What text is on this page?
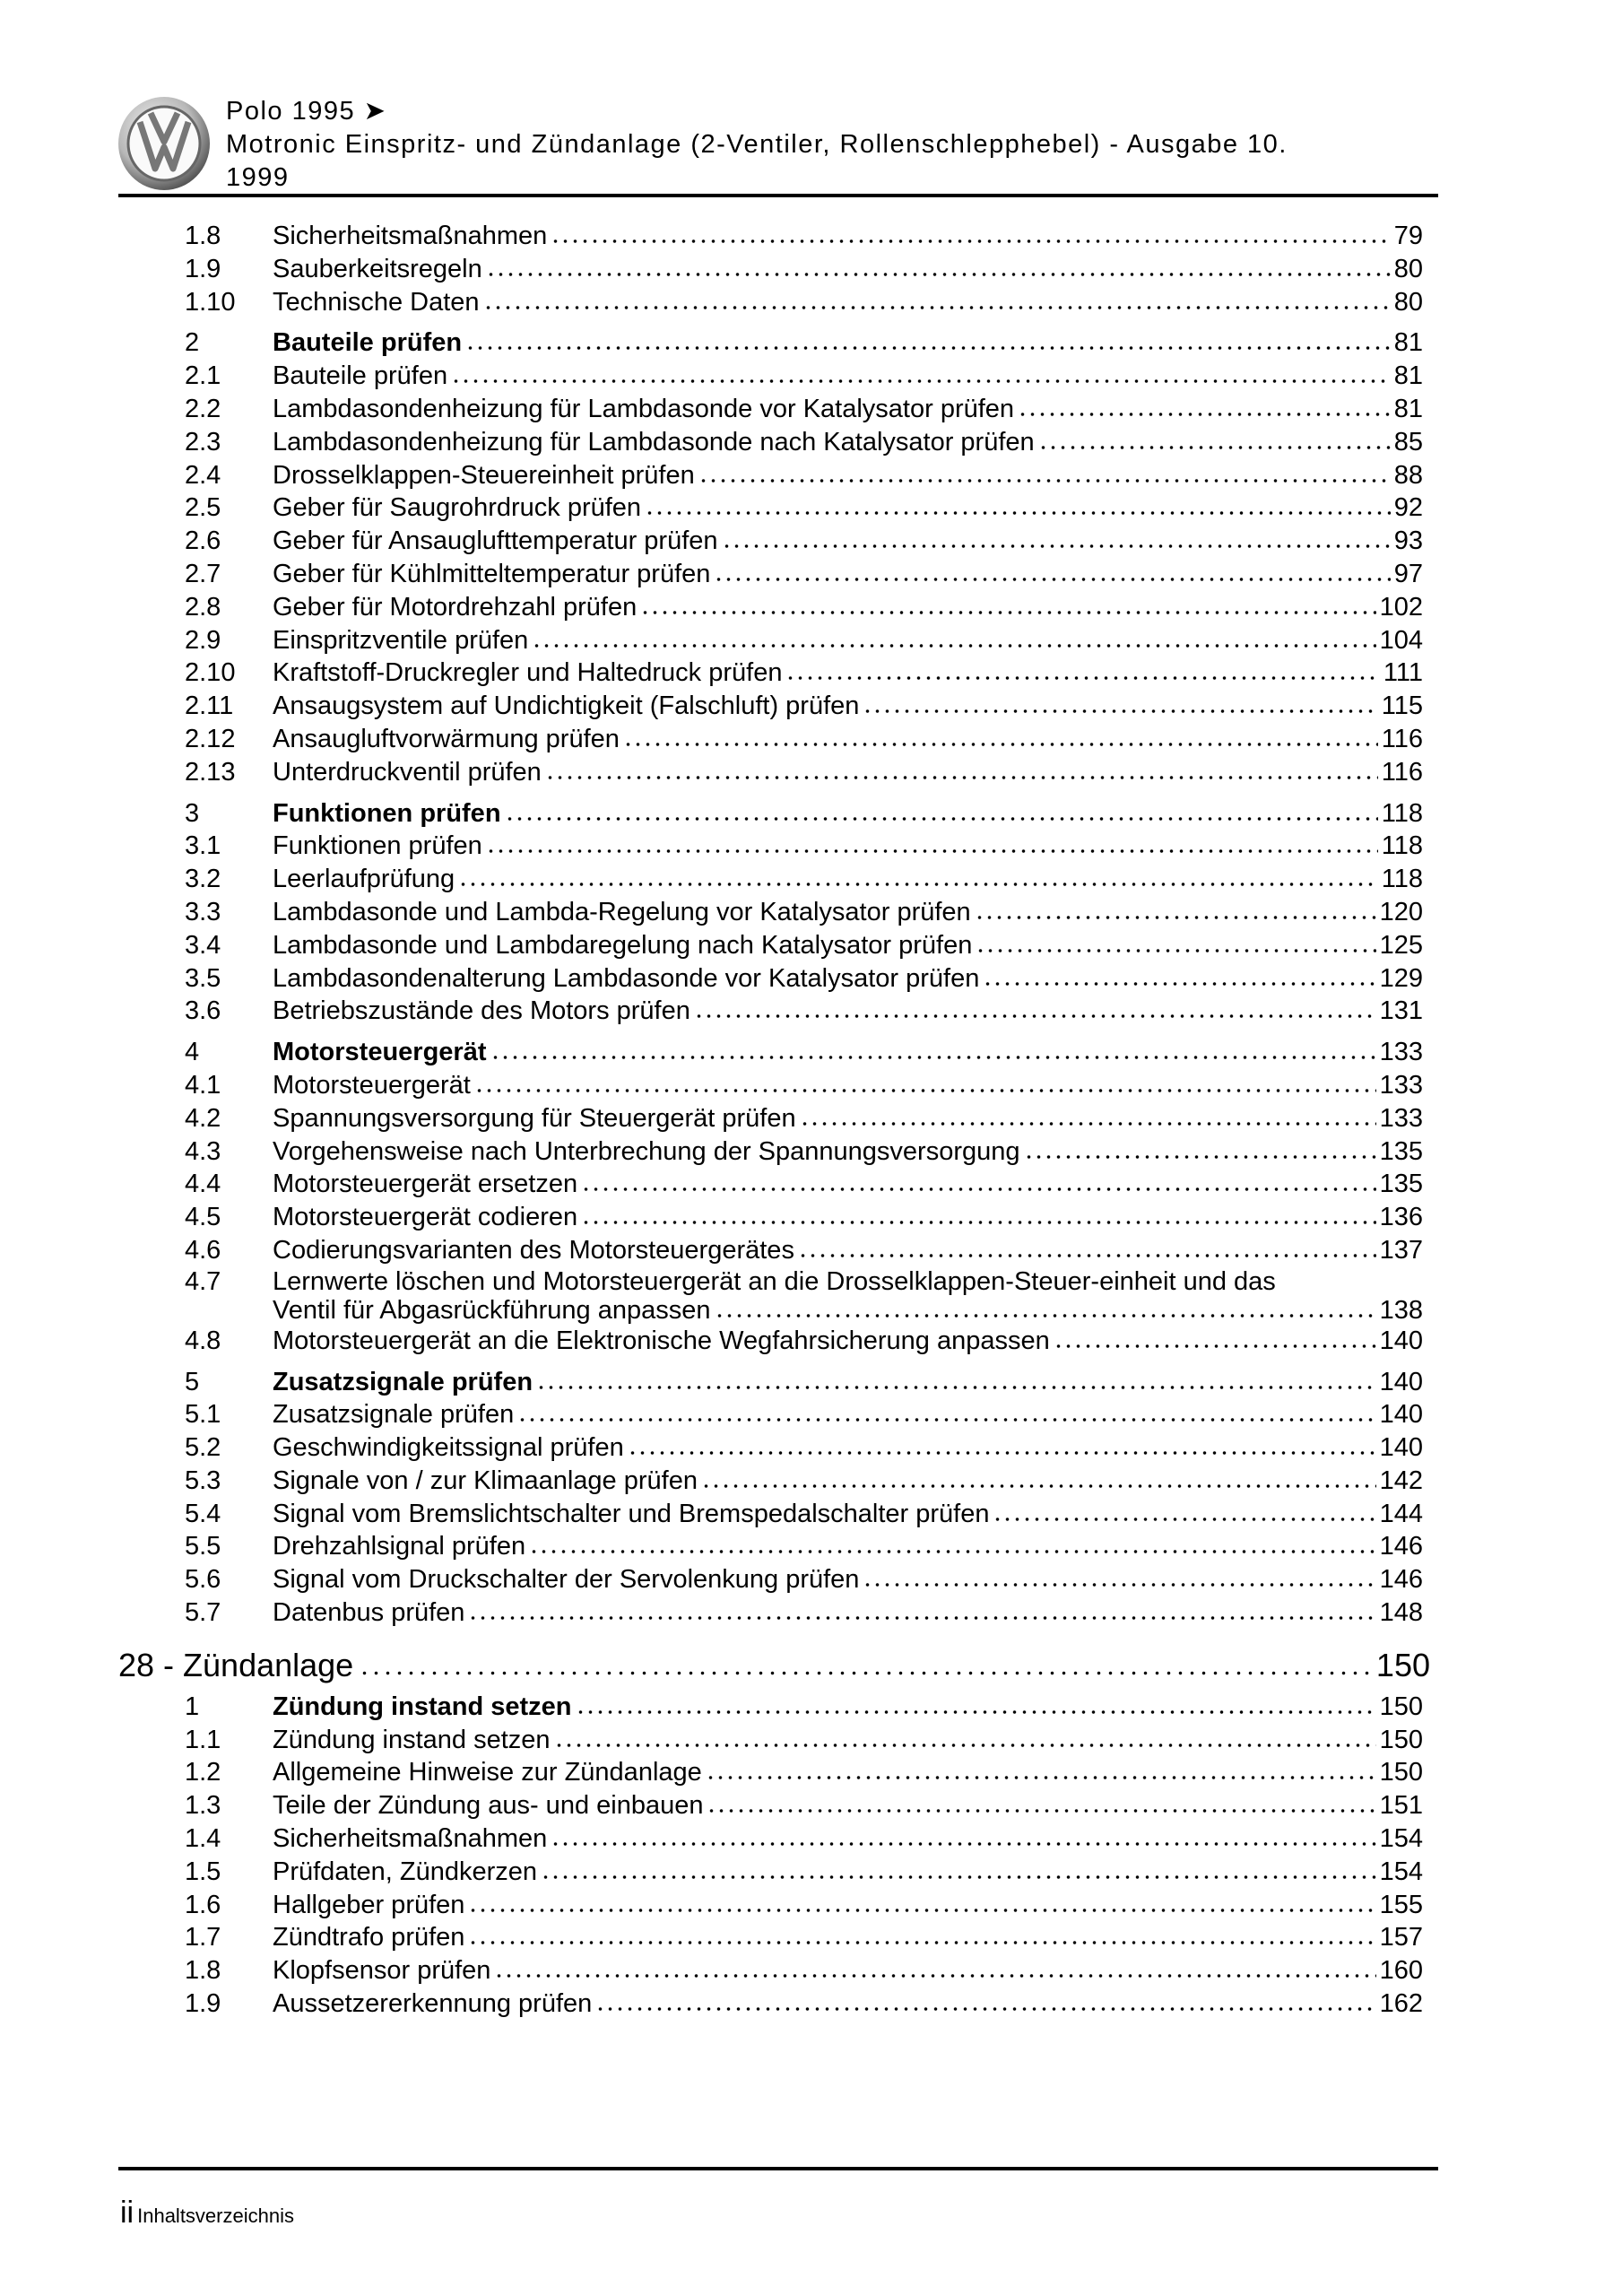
Polo 1995 ➤
Motronic Einspritz- und Zündanlage (2-Ventiler, Rollenschlepphebel) - Ausgabe 10.
1999
1.8	Sicherheitsmaßnahmen	79
1.9	Sauberkeitsregeln	80
1.10	Technische Daten	80
2	Bauteile prüfen	81
2.1	Bauteile prüfen	81
2.2	Lambdasondenheizung für Lambdasonde vor Katalysator prüfen	81
2.3	Lambdasondenheizung für Lambdasonde nach Katalysator prüfen	85
2.4	Drosselklappen-Steuereinheit prüfen	88
2.5	Geber für Saugrohrdruck prüfen	92
2.6	Geber für Ansauglufttemperatur prüfen	93
2.7	Geber für Kühlmitteltemperatur prüfen	97
2.8	Geber für Motordrehzahl prüfen	102
2.9	Einspritzventile prüfen	104
2.10	Kraftstoff-Druckregler und Haltedruck prüfen	111
2.11	Ansaugsystem auf Undichtigkeit (Falschluft) prüfen	115
2.12	Ansaugluftvorwärmung prüfen	116
2.13	Unterdruckventil prüfen	116
3	Funktionen prüfen	118
3.1	Funktionen prüfen	118
3.2	Leerlaufprüfung	118
3.3	Lambdasonde und Lambda-Regelung vor Katalysator prüfen	120
3.4	Lambdasonde und Lambdaregelung nach Katalysator prüfen	125
3.5	Lambdasondenalterung Lambdasonde vor Katalysator prüfen	129
3.6	Betriebszustände des Motors prüfen	131
4	Motorsteuergerät	133
4.1	Motorsteuergerät	133
4.2	Spannungsversorgung für Steuergerät prüfen	133
4.3	Vorgehensweise nach Unterbrechung der Spannungsversorgung	135
4.4	Motorsteuergerät ersetzen	135
4.5	Motorsteuergerät codieren	136
4.6	Codierungsvarianten des Motorsteuergerätes	137
4.7	Lernwerte löschen und Motorsteuergerät an die Drosselklappen-Steuer-einheit und das
Ventil für Abgasrückführung anpassen	138
4.8	Motorsteuergerät an die Elektronische Wegfahrsicherung anpassen	140
5	Zusatzsignale prüfen	140
5.1	Zusatzsignale prüfen	140
5.2	Geschwindigkeitssignal prüfen	140
5.3	Signale von / zur Klimaanlage prüfen	142
5.4	Signal vom Bremslichtschalter und Bremspedalschalter prüfen	144
5.5	Drehzahlsignal prüfen	146
5.6	Signal vom Druckschalter der Servolenkung prüfen	146
5.7	Datenbus prüfen	148
28 - Zündanlage	150
1	Zündung instand setzen	150
1.1	Zündung instand setzen	150
1.2	Allgemeine Hinweise zur Zündanlage	150
1.3	Teile der Zündung aus- und einbauen	151
1.4	Sicherheitsmaßnahmen	154
1.5	Prüfdaten, Zündkerzen	154
1.6	Hallgeber prüfen	155
1.7	Zündtrafo prüfen	157
1.8	Klopfsensor prüfen	160
1.9	Aussetzererkennung prüfen	162
ii Inhaltsverzeichnis
